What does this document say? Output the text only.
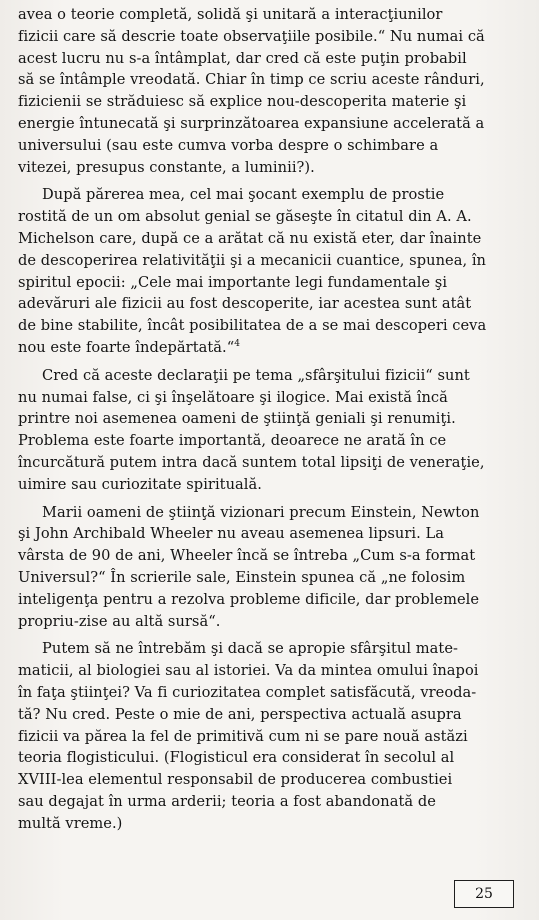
avea o teorie completă, solidă şi unitară a interacţiunilor
fizicii care să descrie toate observaţiile posibile.“ Nu numai că
acest lucru nu s-a întâmplat, dar cred că este puţin probabil
să se întâmple vreodată. Chiar în timp ce scriu aceste rânduri,
fizicienii se străduiesc să explice nou-descoperita materie şi
energie întunecată şi surprinzătoarea expansiune accelerată a
universului (sau este cumva vorba despre o schimbare a
vitezei, presupus constante, a luminii?).
După părerea mea, cel mai şocant exemplu de prostie
rostită de un om absolut genial se găseşte în citatul din A. A.
Michelson care, după ce a arătat că nu există eter, dar înainte
de descoperirea relativităţii şi a mecanicii cuantice, spunea, în
spiritul epocii: „Cele mai importante legi fundamentale şi
adevăruri ale fizicii au fost descoperite, iar acestea sunt atât
de bine stabilite, încât posibilitatea de a se mai descoperi ceva
nou este foarte îndepărtată.“$^4$
Cred că aceste declaraţii pe tema „sfârşitului fizicii“ sunt
nu numai false, ci şi înşelătoare şi ilogice. Mai există încă
printre noi asemenea oameni de ştiinţă geniali şi renumiţi.
Problema este foarte importantă, deoarece ne arată în ce
încurcătură putem intra dacă suntem total lipsiţi de veneraţie,
uimire sau curiozitate spirituală.
Marii oameni de ştiinţă vizionari precum Einstein, Newton
şi John Archibald Wheeler nu aveau asemenea lipsuri. La
vârsta de 90 de ani, Wheeler încă se întreba „Cum s-a format
Universul?“ În scrierile sale, Einstein spunea că „ne folosim
inteligenţa pentru a rezolva probleme dificile, dar problemele
propriu-zise au altă sursă“.
Putem să ne întrebăm şi dacă se apropie sfârşitul mate-
maticii, al biologiei sau al istoriei. Va da mintea omului înapoi
în faţa ştiinţei? Va fi curiozitatea complet satisfăcută, vreoda-
tă? Nu cred. Peste o mie de ani, perspectiva actuală asupra
fizicii va părea la fel de primitivă cum ni se pare nouă astăzi
teoria flogisticului. (Flogisticul era considerat în secolul al
XVIII-lea elementul responsabil de producerea combustiei
sau degajat în urma arderii; teoria a fost abandonată de
multă vreme.)
25
